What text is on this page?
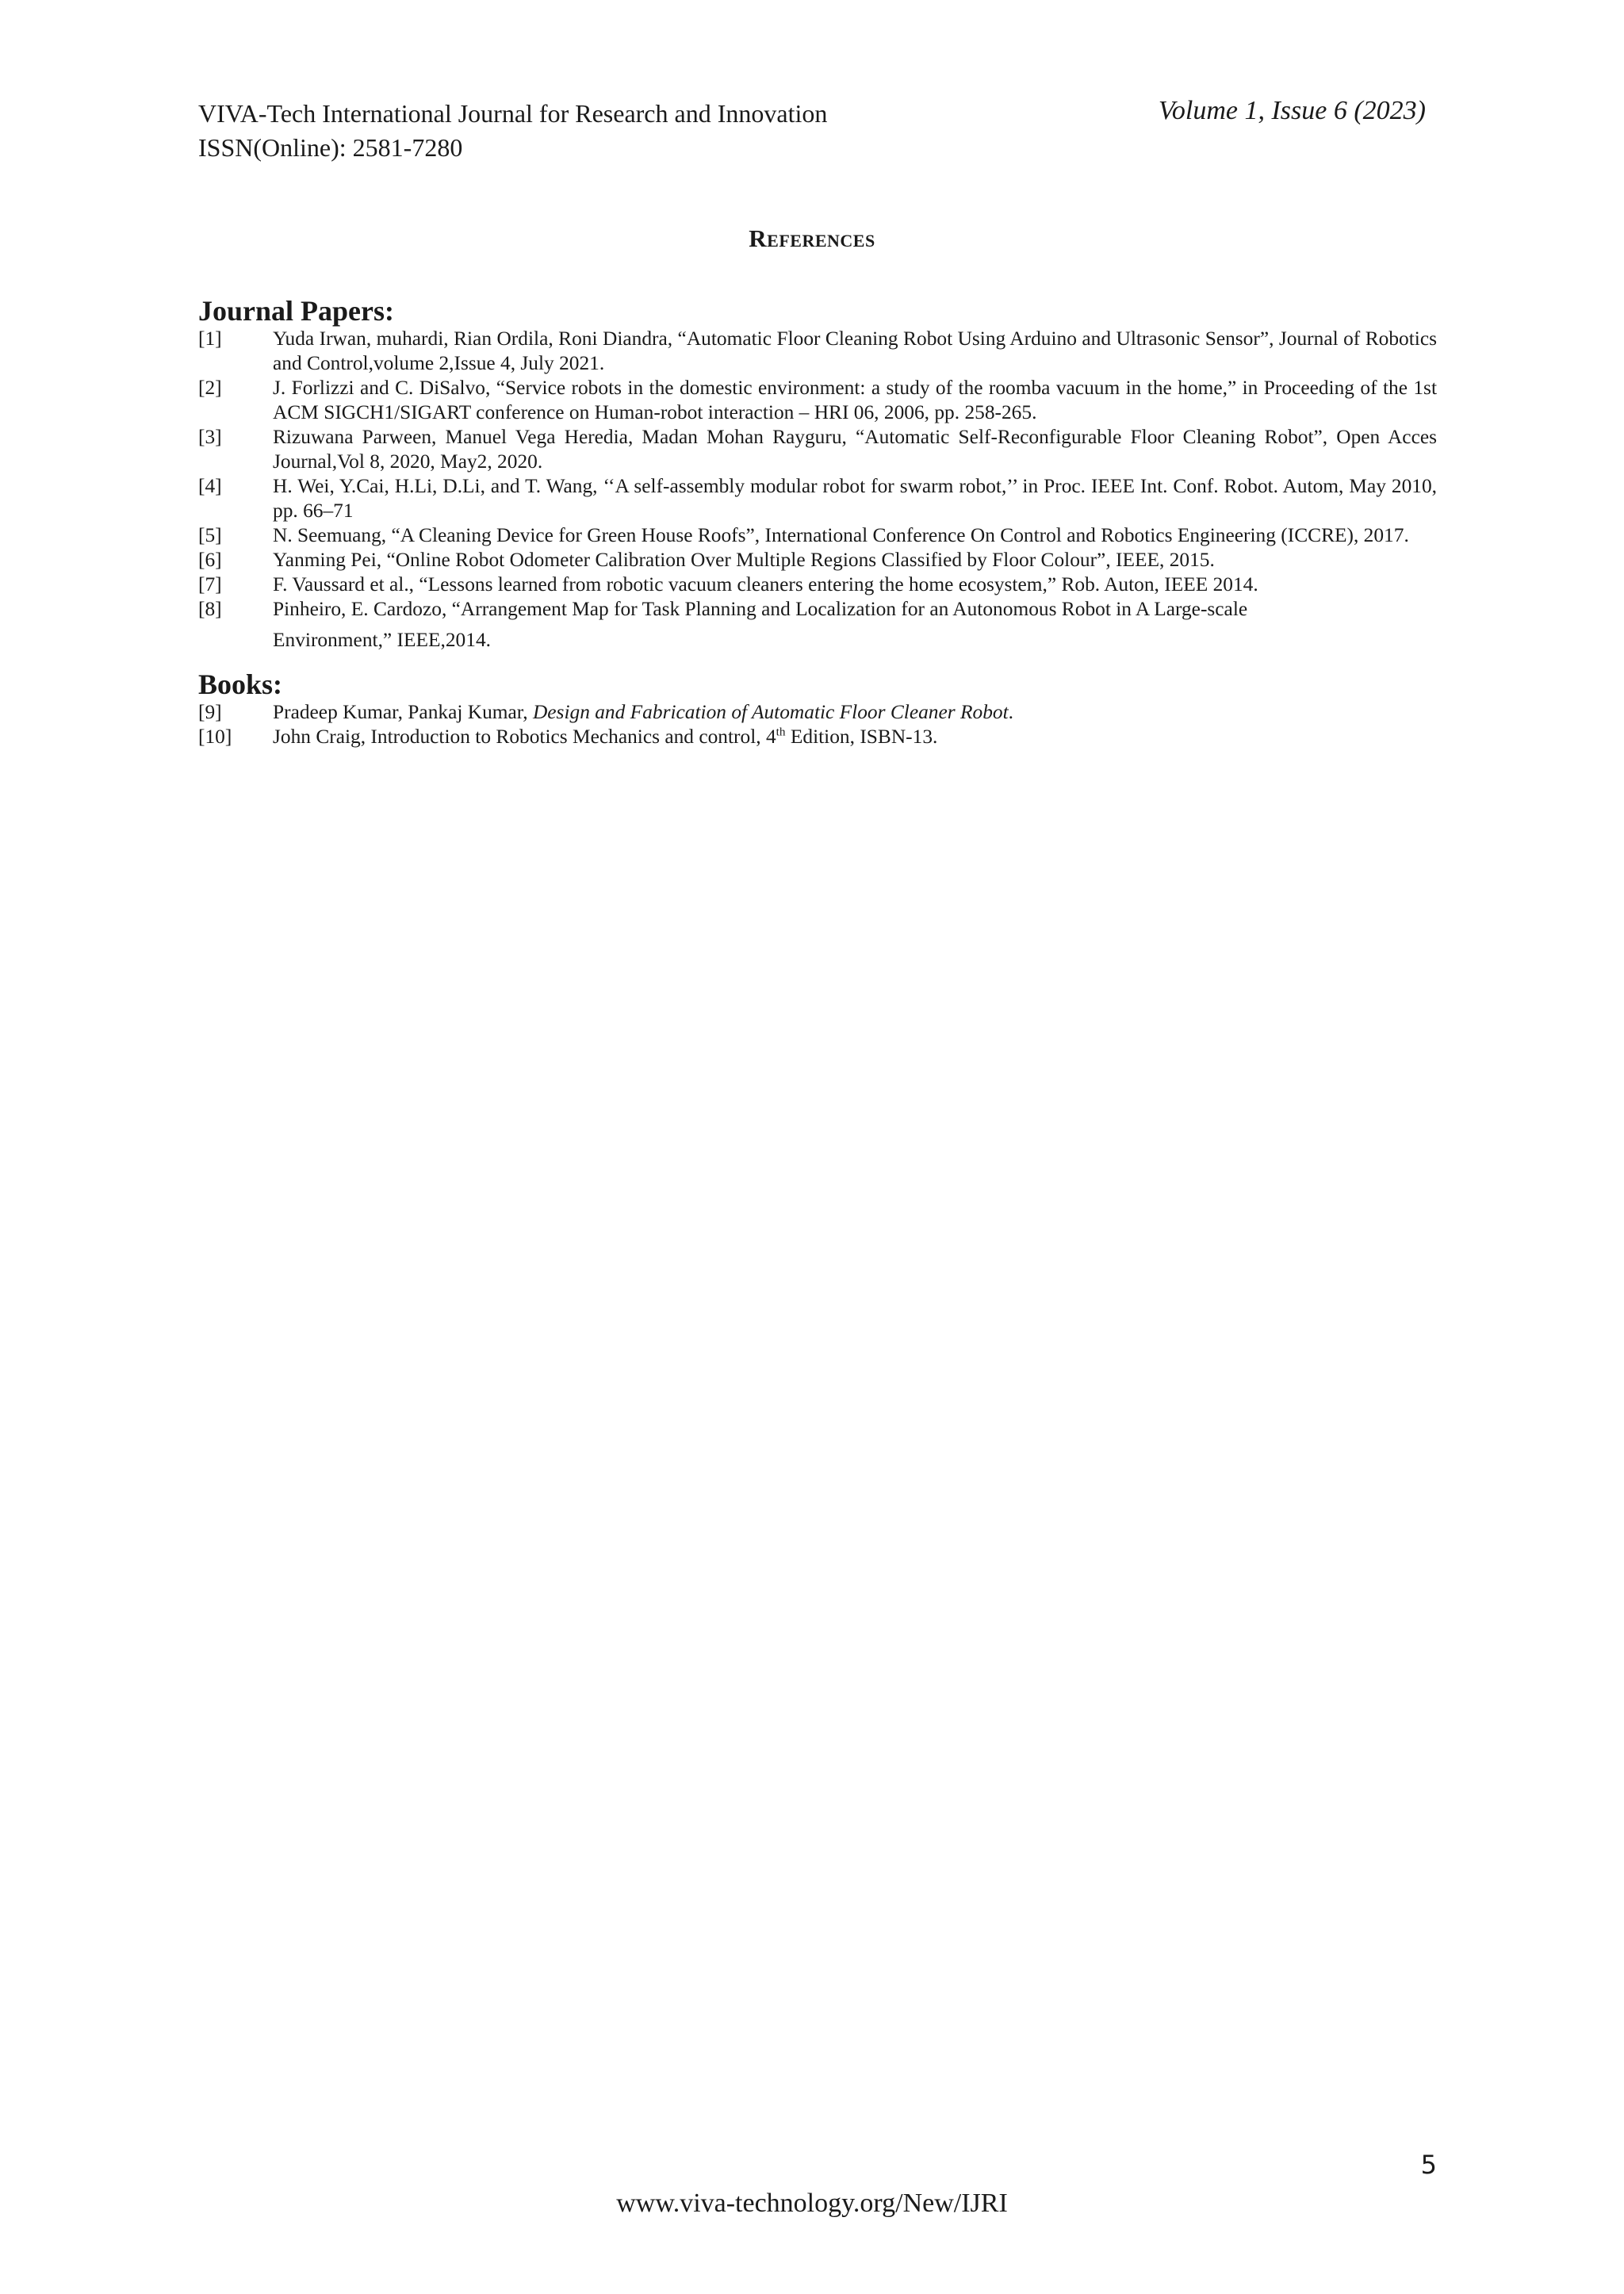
VIVA-Tech International Journal for Research and Innovation
ISSN(Online): 2581-7280
Volume 1, Issue 6 (2023)
References
Journal Papers:
[1]	Yuda Irwan, muhardi, Rian Ordila, Roni Diandra, “Automatic Floor Cleaning Robot Using Arduino and Ultrasonic Sensor”, Journal of Robotics and Control,volume 2,Issue 4, July 2021.
[2]	J. Forlizzi and C. DiSalvo, “Service robots in the domestic environment: a study of the roomba vacuum in the home,” in Proceeding of the 1st ACM SIGCH1/SIGART conference on Human-robot interaction – HRI 06, 2006, pp. 258-265.
[3]	Rizuwana Parween, Manuel Vega Heredia, Madan Mohan Rayguru, “Automatic Self-Reconfigurable Floor Cleaning Robot”, Open Acces Journal,Vol 8, 2020, May2, 2020.
[4]	H. Wei, Y.Cai, H.Li, D.Li, and T. Wang, ‘‘A self-assembly modular robot for swarm robot,’’ in Proc. IEEE Int. Conf. Robot. Autom, May 2010, pp. 66–71
[5]	N. Seemuang, “A Cleaning Device for Green House Roofs”, International Conference On Control and Robotics Engineering (ICCRE), 2017.
[6]	Yanming Pei, “Online Robot Odometer Calibration Over Multiple Regions Classified by Floor Colour”, IEEE, 2015.
[7]	F. Vaussard et al., “Lessons learned from robotic vacuum cleaners entering the home ecosystem,” Rob. Auton, IEEE 2014.
[8]	Pinheiro, E. Cardozo, “Arrangement Map for Task Planning and Localization for an Autonomous Robot in A Large-scale
Environment,” IEEE,2014.
Books:
[9]	Pradeep Kumar, Pankaj Kumar, Design and Fabrication of Automatic Floor Cleaner Robot.
[10] John Craig, Introduction to Robotics Mechanics and control, 4th Edition, ISBN-13.
5
www.viva-technology.org/New/IJRI
